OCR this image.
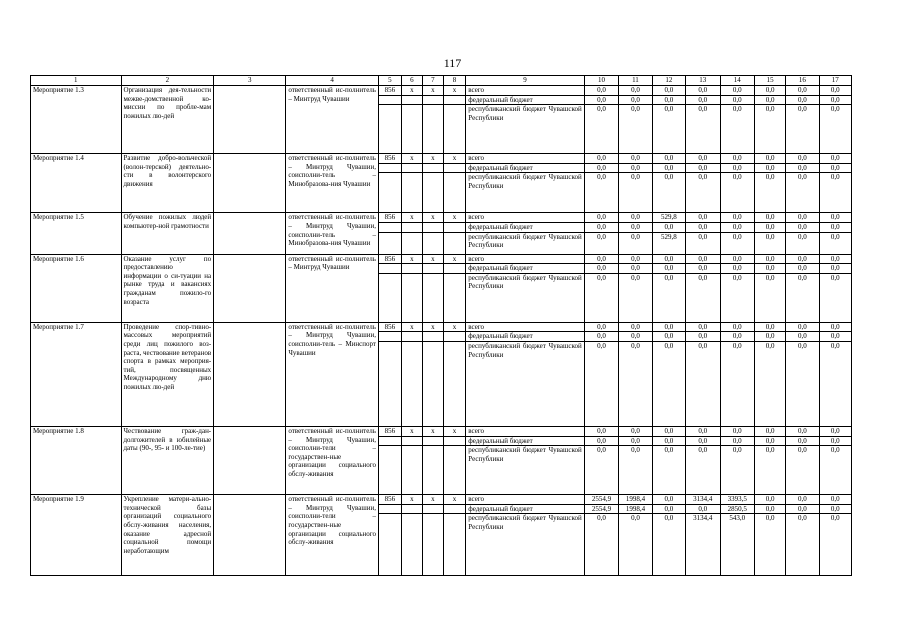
117
1	2	3	4	5	6	7	8	9	10	11	12	13	14	15	16	17
Мероприятие 1.3	Организация дея-тельности межве-домственной ко-миссии по пробле-мам пожилых лю-дей		ответственный ис-полнитель – Минтруд Чувашии	856	x	x	x	всего	0,0	0,0	0,0	0,0	0,0	0,0	0,0	0,0
								федеральный бюджет	0,0	0,0	0,0	0,0	0,0	0,0	0,0	0,0
								республиканский бюджет Чувашской Республики	0,0	0,0	0,0	0,0	0,0	0,0	0,0	0,0
Мероприятие 1.4	Развитие добро-вольческой (волон-терской) деятельно-сти в волонтерского движения		ответственный ис-полнитель – Минтруд Чувашии, соисполни-тель – Минобразова-ния Чувашии	856	x	x	x	всего	0,0	0,0	0,0	0,0	0,0	0,0	0,0	0,0
								федеральный бюджет	0,0	0,0	0,0	0,0	0,0	0,0	0,0	0,0
								республиканский бюджет Чувашской Республики	0,0	0,0	0,0	0,0	0,0	0,0	0,0	0,0
Мероприятие 1.5	Обучение пожилых людей компьютер-ной грамотности		ответственный ис-полнитель – Минтруд Чувашии, соисполни-тель – Минобразова-ния Чувашии	856	x	x	x	всего	0,0	0,0	529,8	0,0	0,0	0,0	0,0	0,0
								федеральный бюджет	0,0	0,0	0,0	0,0	0,0	0,0	0,0	0,0
								республиканский бюджет Чувашской Республики	0,0	0,0	529,8	0,0	0,0	0,0	0,0	0,0
Мероприятие 1.6	Оказание услуг по предоставлению информации о си-туации на рынке труда и вакансиях гражданам пожило-го возраста		ответственный ис-полнитель – Минтруд Чувашии	856	x	x	x	всего	0,0	0,0	0,0	0,0	0,0	0,0	0,0	0,0
								федеральный бюджет	0,0	0,0	0,0	0,0	0,0	0,0	0,0	0,0
								республиканский бюджет Чувашской Республики	0,0	0,0	0,0	0,0	0,0	0,0	0,0	0,0
Мероприятие 1.7	Проведение спор-тивно-массовых мероприятий среди лиц пожилого воз-раста, чествование ветеранов спорта в рамках мероприя-тий, посвященных Международному дню пожилых лю-дей		ответственный ис-полнитель – Минтруд Чувашии, соисполни-тель – Минспорт Чувашии	856	x	x	x	всего	0,0	0,0	0,0	0,0	0,0	0,0	0,0	0,0
								федеральный бюджет	0,0	0,0	0,0	0,0	0,0	0,0	0,0	0,0
								республиканский бюджет Чувашской Республики	0,0	0,0	0,0	0,0	0,0	0,0	0,0	0,0
Мероприятие 1.8	Чествование граж-дан-долгожителей в юбилейные даты (90-, 95- и 100-ле-тие)		ответственный ис-полнитель – Минтруд Чувашии, соисполни-тели – государствен-ные организации социального обслу-живания	856	x	x	x	всего	0,0	0,0	0,0	0,0	0,0	0,0	0,0	0,0
								федеральный бюджет	0,0	0,0	0,0	0,0	0,0	0,0	0,0	0,0
								республиканский бюджет Чувашской Республики	0,0	0,0	0,0	0,0	0,0	0,0	0,0	0,0
Мероприятие 1.9	Укрепление матери-ально-технической базы организаций социального обслу-живания населения, оказание адресной социальной помощи неработающим		ответственный ис-полнитель – Минтруд Чувашии, соисполни-тели – государствен-ные организации социального обслу-живания	856	x	x	x	всего	2554,9	1998,4	0,0	3134,4	3393,5	0,0	0,0	0,0
								федеральный бюджет	2554,9	1998,4	0,0	0,0	2850,5	0,0	0,0	0,0
								республиканский бюджет Чувашской Республики	0,0	0,0	0,0	3134,4	543,0	0,0	0,0	0,0
